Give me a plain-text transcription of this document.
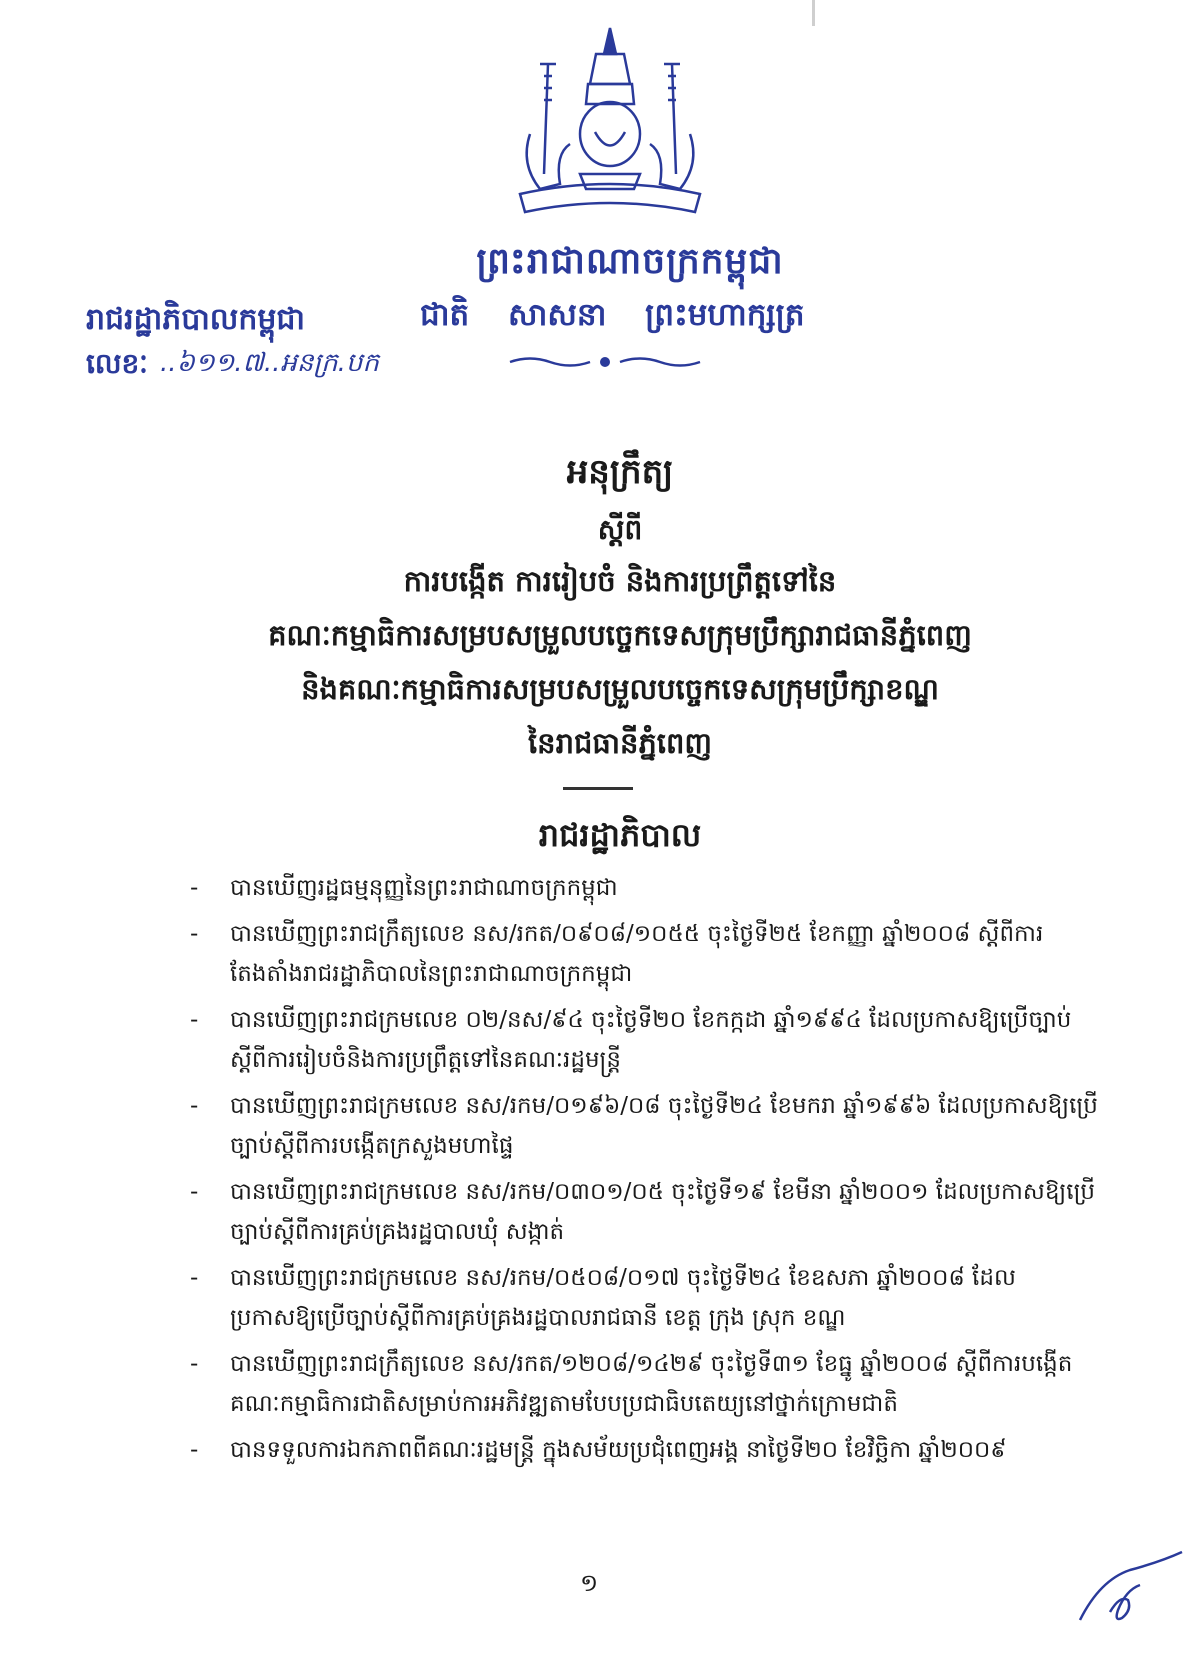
ព្រះរាជាណាចក្រកម្ពុជា
រាជរដ្ឋាភិបាលកម្ពុជា	ជាតិ សាសនា ព្រះមហាក្សត្រ
លេខៈ ..៦១១.៧..អនក្រ.បក
អនុក្រឹត្យ
ស្តីពី
ការបង្កើត ការរៀបចំ និងការប្រព្រឹត្តទៅនៃ
គណៈកម្មាធិការសម្របសម្រួលបច្ចេកទេសក្រុមប្រឹក្សារាជធានីភ្នំពេញ
និងគណៈកម្មាធិការសម្របសម្រួលបច្ចេកទេសក្រុមប្រឹក្សាខណ្ឌ
នៃរាជធានីភ្នំពេញ
រាជរដ្ឋាភិបាល
- បានឃើញរដ្ឋធម្មនុញ្ញនៃព្រះរាជាណាចក្រកម្ពុជា
- បានឃើញព្រះរាជក្រឹត្យលេខ នស/រកត/០៩០៨/១០៥៥ ចុះថ្ងៃទី២៥ ខែកញ្ញា ឆ្នាំ២០០៨ ស្តីពីការតែងតាំងរាជរដ្ឋាភិបាលនៃព្រះរាជាណាចក្រកម្ពុជា
- បានឃើញព្រះរាជក្រមលេខ ០២/នស/៩៤ ចុះថ្ងៃទី២០ ខែកក្កដា ឆ្នាំ១៩៩៤ ដែលប្រកាសឱ្យប្រើច្បាប់ស្តីពីការរៀបចំនិងការប្រព្រឹត្តទៅនៃគណៈរដ្ឋមន្ត្រី
- បានឃើញព្រះរាជក្រមលេខ នស/រកម/០១៩៦/០៨ ចុះថ្ងៃទី២៤ ខែមករា ឆ្នាំ១៩៩៦ ដែលប្រកាសឱ្យប្រើច្បាប់ស្តីពីការបង្កើតក្រសួងមហាផ្ទៃ
- បានឃើញព្រះរាជក្រមលេខ នស/រកម/០៣០១/០៥ ចុះថ្ងៃទី១៩ ខែមីនា ឆ្នាំ២០០១ ដែលប្រកាសឱ្យប្រើច្បាប់ស្តីពីការគ្រប់គ្រងរដ្ឋបាលឃុំ សង្កាត់
- បានឃើញព្រះរាជក្រមលេខ នស/រកម/០៥០៨/០១៧ ចុះថ្ងៃទី២៤ ខែឧសភា ឆ្នាំ២០០៨ ដែលប្រកាសឱ្យប្រើច្បាប់ស្តីពីការគ្រប់គ្រងរដ្ឋបាលរាជធានី ខេត្ត ក្រុង ស្រុក ខណ្ឌ
- បានឃើញព្រះរាជក្រឹត្យលេខ នស/រកត/១២០៨/១៤២៩ ចុះថ្ងៃទី៣១ ខែធ្នូ ឆ្នាំ២០០៨ ស្តីពីការបង្កើតគណៈកម្មាធិការជាតិសម្រាប់ការអភិវឌ្ឍតាមបែបប្រជាធិបតេយ្យនៅថ្នាក់ក្រោមជាតិ
- បានទទួលការឯកភាពពីគណៈរដ្ឋមន្ត្រី ក្នុងសម័យប្រជុំពេញអង្គ នាថ្ងៃទី២០ ខែវិច្ឆិកា ឆ្នាំ២០០៩
១
